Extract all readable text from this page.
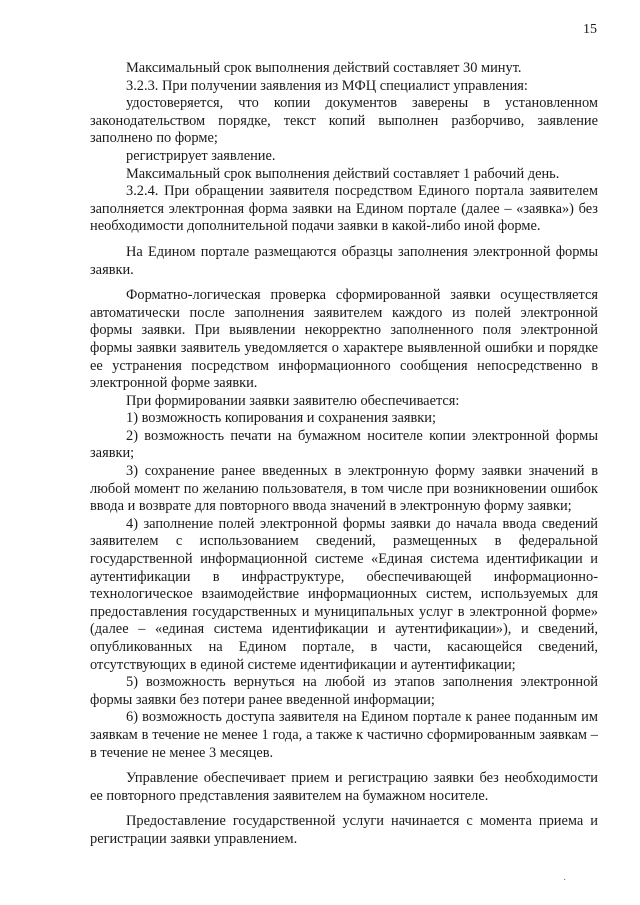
15

Максимальный срок выполнения действий составляет 30 минут.

3.2.3. При получении заявления из МФЦ специалист управления:

удостоверяется, что копии документов заверены в установленном законодательством порядке, текст копий выполнен разборчиво, заявление заполнено по форме;

регистрирует заявление.

Максимальный срок выполнения действий составляет 1 рабочий день.

3.2.4. При обращении заявителя посредством Единого портала заявителем заполняется электронная форма заявки на Едином портале (далее – «заявка») без необходимости дополнительной подачи заявки в какой-либо иной форме.

На Едином портале размещаются образцы заполнения электронной формы заявки.

Форматно-логическая проверка сформированной заявки осуществляется автоматически после заполнения заявителем каждого из полей электронной формы заявки. При выявлении некорректно заполненного поля электронной формы заявки заявитель уведомляется о характере выявленной ошибки и порядке ее устранения посредством информационного сообщения непосредственно в электронной форме заявки.

При формировании заявки заявителю обеспечивается:

1) возможность копирования и сохранения заявки;

2) возможность печати на бумажном носителе копии электронной формы заявки;

3) сохранение ранее введенных в электронную форму заявки значений в любой момент по желанию пользователя, в том числе при возникновении ошибок ввода и возврате для повторного ввода значений в электронную форму заявки;

4) заполнение полей электронной формы заявки до начала ввода сведений заявителем с использованием сведений, размещенных в федеральной государственной информационной системе «Единая система идентификации и аутентификации в инфраструктуре, обеспечивающей информационно-технологическое взаимодействие информационных систем, используемых для предоставления государственных и муниципальных услуг в электронной форме» (далее – «единая система идентификации и аутентификации»), и сведений, опубликованных на Едином портале, в части, касающейся сведений, отсутствующих в единой системе идентификации и аутентификации;

5) возможность вернуться на любой из этапов заполнения электронной формы заявки без потери ранее введенной информации;

6) возможность доступа заявителя на Едином портале к ранее поданным им заявкам в течение не менее 1 года, а также к частично сформированным заявкам – в течение не менее 3 месяцев.

Управление обеспечивает прием и регистрацию заявки без необходимости ее повторного представления заявителем на бумажном носителе.

Предоставление государственной услуги начинается с момента приема и регистрации заявки управлением.

˙
